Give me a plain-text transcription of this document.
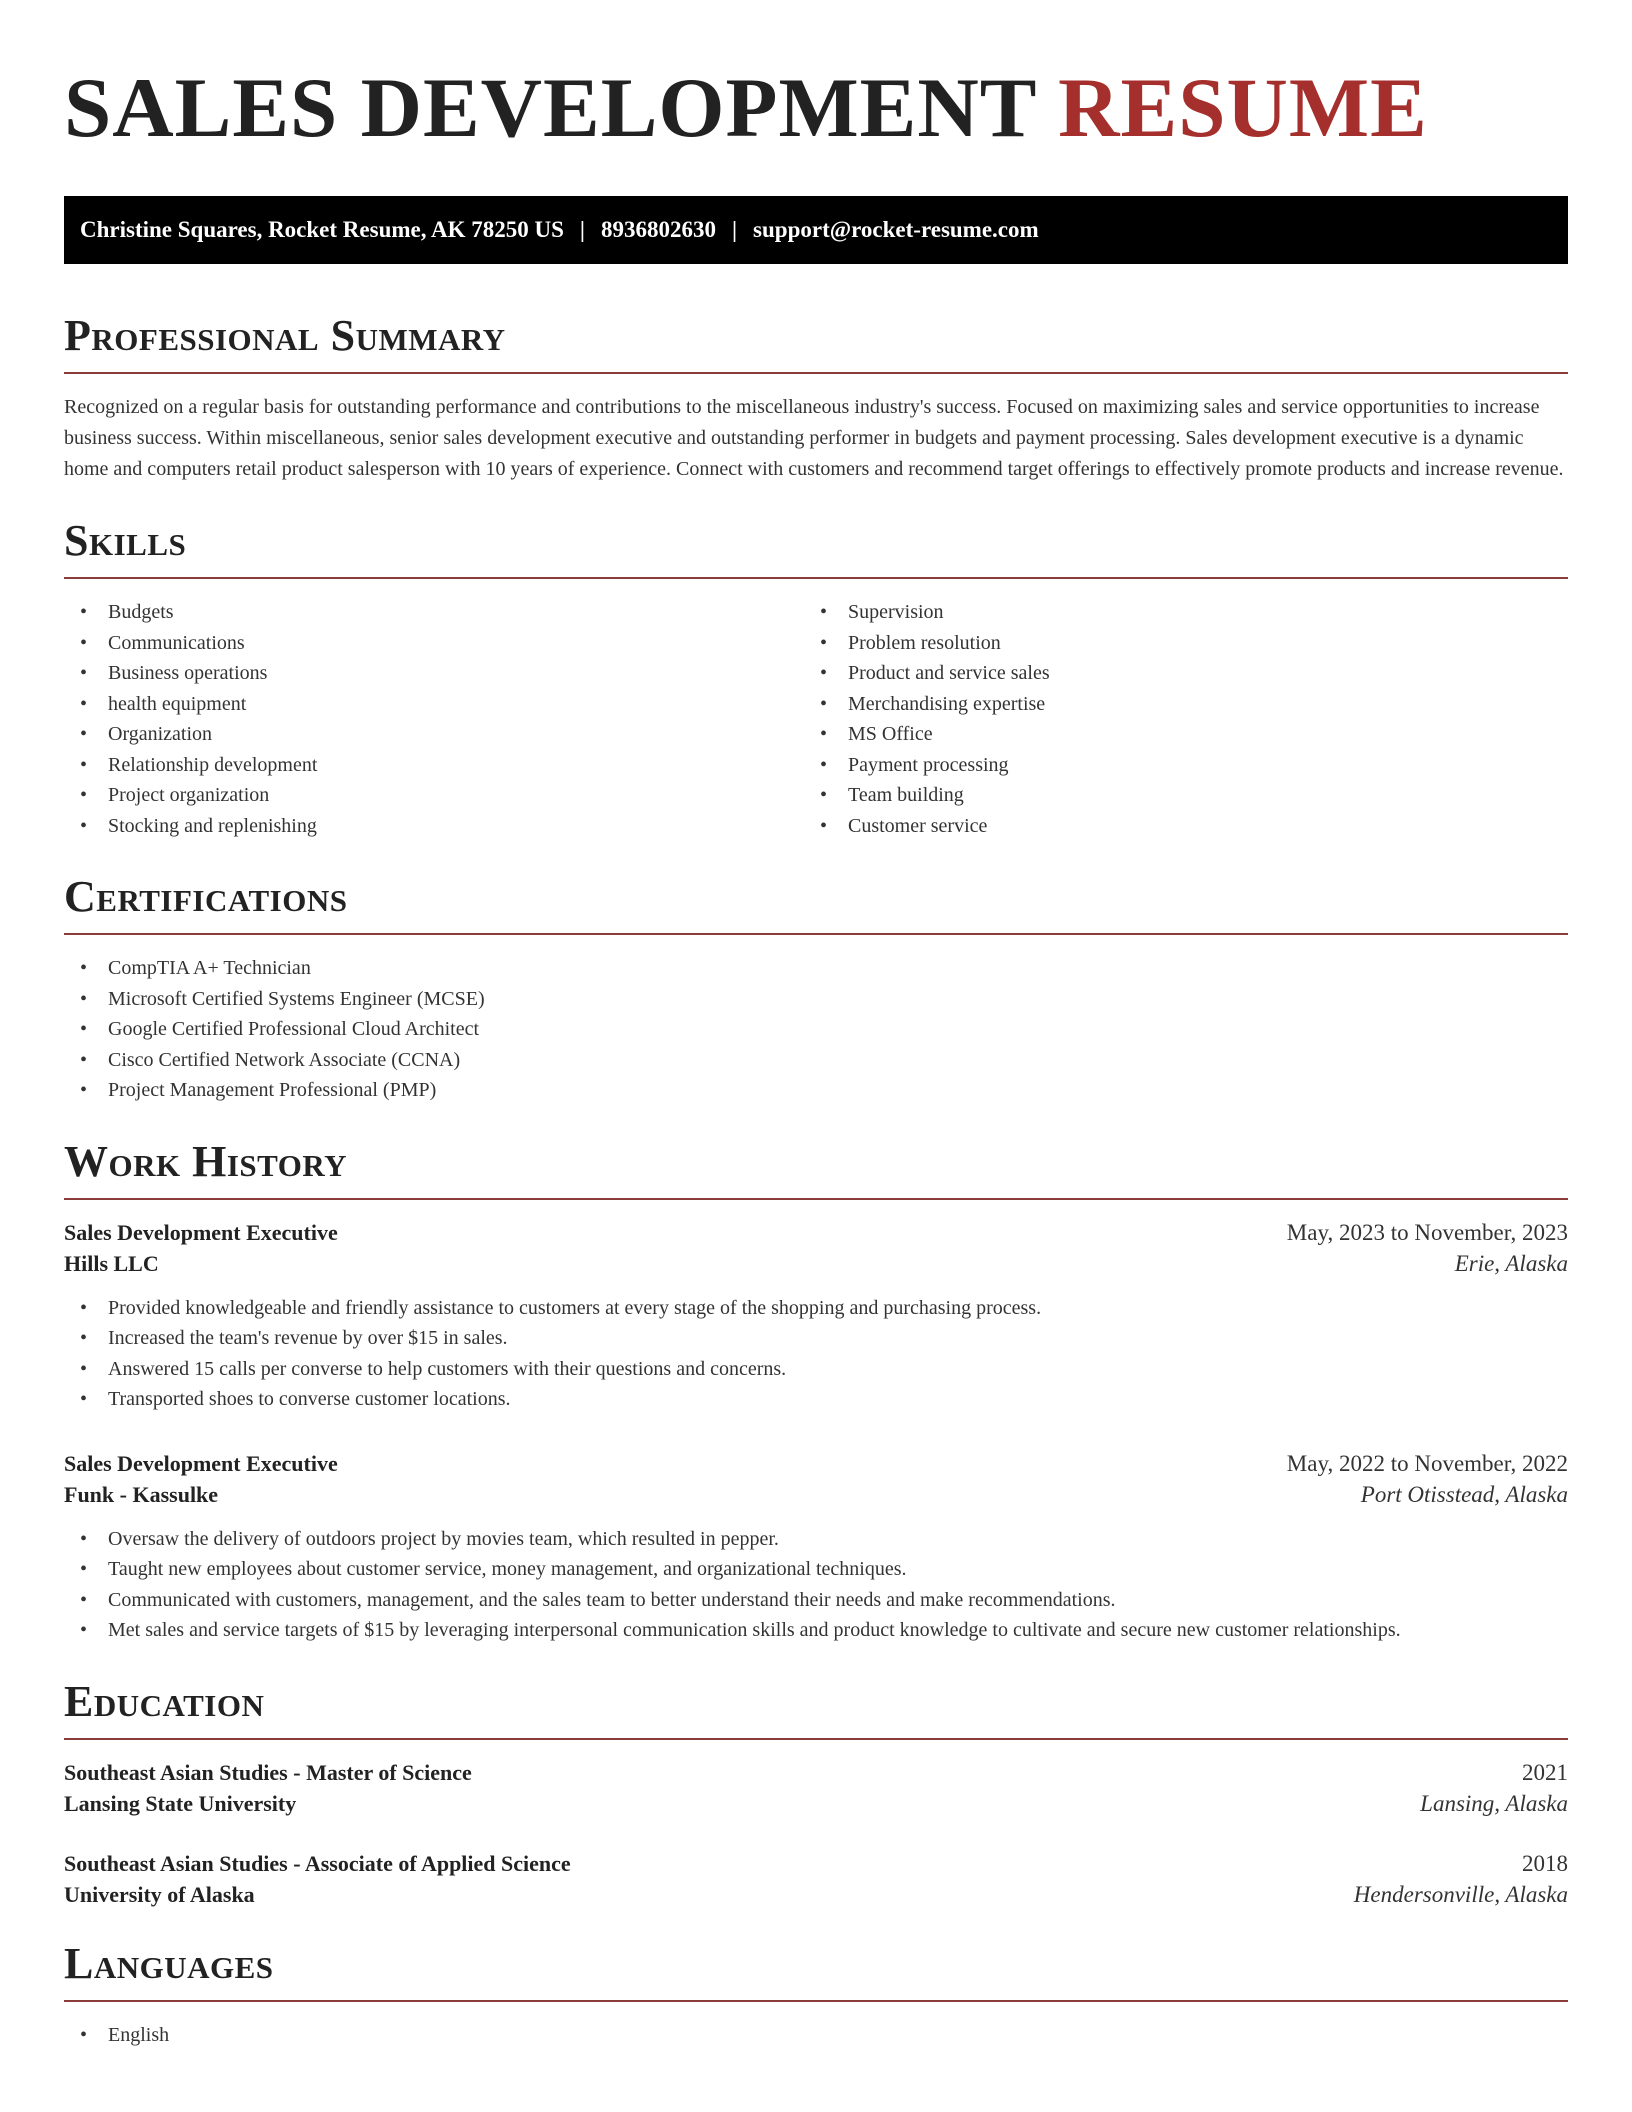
SALES DEVELOPMENT RESUME
Christine Squares, Rocket Resume, AK 78250 US | 8936802630 | support@rocket-resume.com
Professional Summary

Recognized on a regular basis for outstanding performance and contributions to the miscellaneous industry's success. Focused on maximizing sales and service opportunities to increase business success. Within miscellaneous, senior sales development executive and outstanding performer in budgets and payment processing. Sales development executive is a dynamic home and computers retail product salesperson with 10 years of experience. Connect with customers and recommend target offerings to effectively promote products and increase revenue.

Skills
• Budgets
• Communications
• Business operations
• health equipment
• Organization
• Relationship development
• Project organization
• Stocking and replenishing
• Supervision
• Problem resolution
• Product and service sales
• Merchandising expertise
• MS Office
• Payment processing
• Team building
• Customer service
Certifications
• CompTIA A+ Technician
• Microsoft Certified Systems Engineer (MCSE)
• Google Certified Professional Cloud Architect
• Cisco Certified Network Associate (CCNA)
• Project Management Professional (PMP)
Work History
Sales Development Executive	May, 2023 to November, 2023
Hills LLC	Erie, Alaska
• Provided knowledgeable and friendly assistance to customers at every stage of the shopping and purchasing process.
• Increased the team's revenue by over $15 in sales.
• Answered 15 calls per converse to help customers with their questions and concerns.
• Transported shoes to converse customer locations.
Sales Development Executive	May, 2022 to November, 2022
Funk - Kassulke	Port Otisstead, Alaska
• Oversaw the delivery of outdoors project by movies team, which resulted in pepper.
• Taught new employees about customer service, money management, and organizational techniques.
• Communicated with customers, management, and the sales team to better understand their needs and make recommendations.
• Met sales and service targets of $15 by leveraging interpersonal communication skills and product knowledge to cultivate and secure new customer relationships.
Education
Southeast Asian Studies - Master of Science	2021
Lansing State University	Lansing, Alaska
Southeast Asian Studies - Associate of Applied Science	2018
University of Alaska	Hendersonville, Alaska
Languages
• English
